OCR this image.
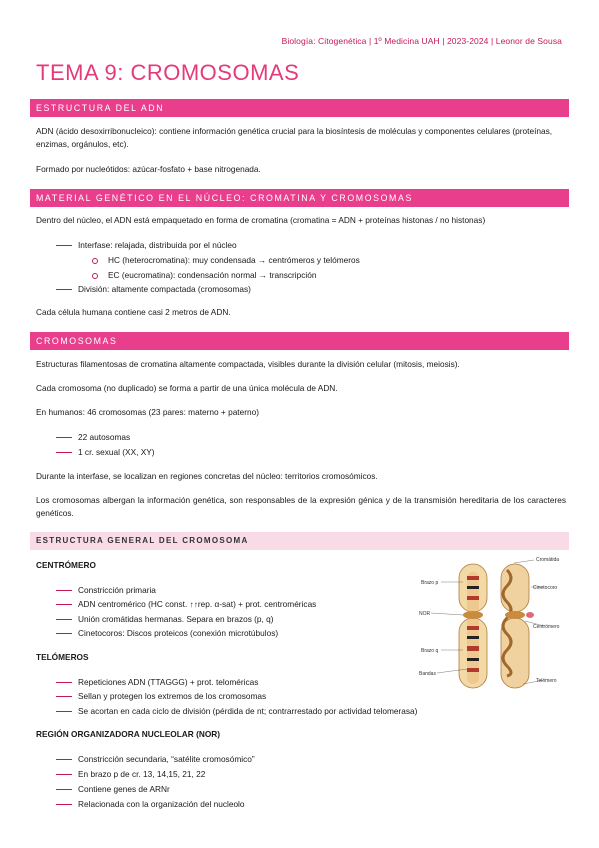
Biología: Citogenética | 1º Medicina UAH | 2023-2024 | Leonor de Sousa
TEMA 9: CROMOSOMAS
ESTRUCTURA DEL ADN
ADN (ácido desoxirribonucleico): contiene información genética crucial para la biosíntesis de moléculas y componentes celulares (proteínas, enzimas, orgánulos, etc).
Formado por nucleótidos: azúcar-fosfato + base nitrogenada.
MATERIAL GENÉTICO EN EL NÚCLEO: CROMATINA Y CROMOSOMAS
Dentro del núcleo, el ADN está empaquetado en forma de cromatina (cromatina = ADN + proteínas histonas / no histonas)
Interfase: relajada, distribuida por el núcleo
HC (heterocromatina): muy condensada → centrómeros y telómeros
EC (eucromatina): condensación normal → transcripción
División: altamente compactada (cromosomas)
Cada célula humana contiene casi 2 metros de ADN.
CROMOSOMAS
Estructuras filamentosas de cromatina altamente compactada, visibles durante la división celular (mitosis, meiosis).
Cada cromosoma (no duplicado) se forma a partir de una única molécula de ADN.
En humanos: 46 cromosomas (23 pares: materno + paterno)
22 autosomas
1 cr. sexual (XX, XY)
Durante la interfase, se localizan en regiones concretas del núcleo: territorios cromosómicos.
Los cromosomas albergan la información genética, son responsables de la expresión génica y de la transmisión hereditaria de los caracteres genéticos.
ESTRUCTURA GENERAL DEL CROMOSOMA
CENTRÓMERO
Constricción primaria
ADN centromérico (HC const. ↑↑rep. α-sat) + prot. centroméricas
Unión cromátidas hermanas. Separa en brazos (p, q)
Cinetocoros: Discos proteicos (conexión microtúbulos)
TELÓMEROS
Repeticiones ADN (TTAGGG) + prot. teloméricas
Sellan y protegen los extremos de los cromosomas
Se acortan en cada ciclo de división (pérdida de nt; contrarrestado por actividad telomerasa)
REGIÓN ORGANIZADORA NUCLEOLAR (NOR)
Constricción secundaria, “satélite cromosómico”
En brazo p de cr. 13, 14,15, 21, 22
Contiene genes de ARNr
Relacionada con la organización del nucleolo
Cromátida
Brazo p
Cinetocoro
NOR
Centrómero
Brazo q
Bandas
Telómero
